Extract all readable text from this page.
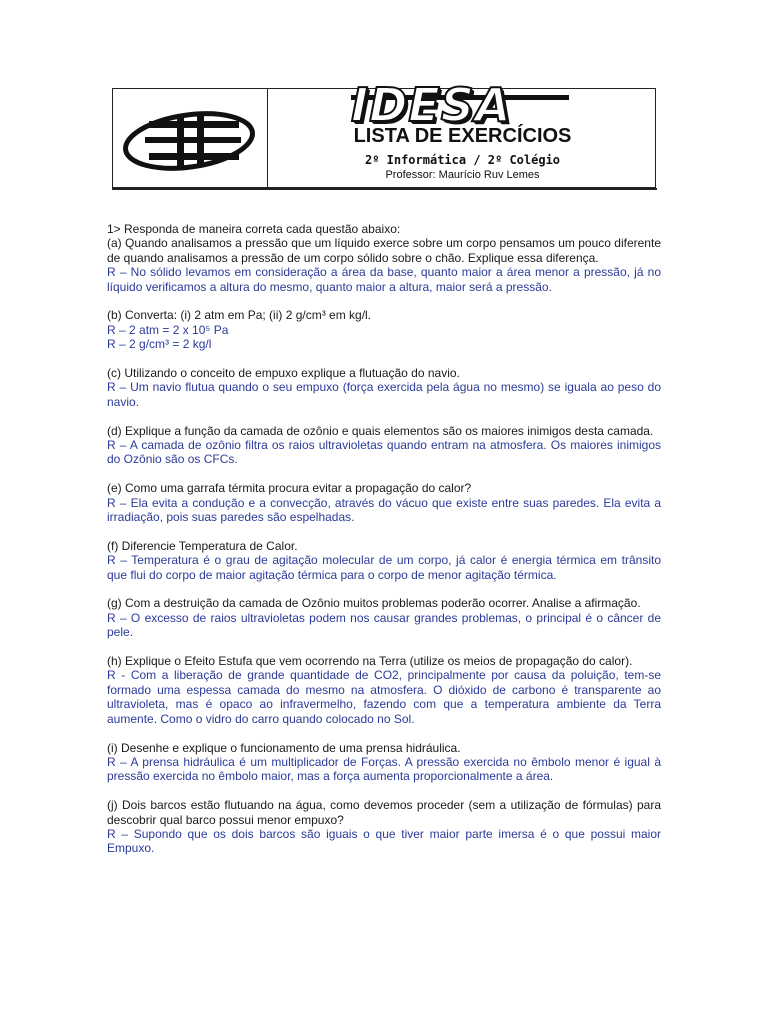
IDESA
LISTA DE EXERCÍCIOS
2º Informática / 2º Colégio
Professor: Maurício Ruv Lemes

1> Responda de maneira correta cada questão abaixo:

(a) Quando analisamos a pressão que um líquido exerce sobre um corpo pensamos um pouco diferente de quando analisamos a pressão de um corpo sólido sobre o chão. Explique essa diferença.

R – No sólido levamos em consideração a área da base, quanto maior a área menor a pressão, já no líquido verificamos a altura do mesmo, quanto maior a altura, maior será a pressão.

(b) Converta: (i) 2 atm em Pa; (ii) 2 g/cm³ em kg/l.

R – 2 atm = 2 x 10⁵ Pa

R – 2 g/cm³ = 2 kg/l

(c) Utilizando o conceito de empuxo explique a flutuação do navio.

R – Um navio flutua quando o seu empuxo (força exercida pela água no mesmo) se iguala ao peso do navio.

(d) Explique a função da camada de ozônio e quais elementos são os maiores inimigos desta camada.

R – A camada de ozônio filtra os raios ultravioletas quando entram na atmosfera. Os maiores inimigos do Ozônio são os CFCs.

(e) Como uma garrafa térmita procura evitar a propagação do calor?

R – Ela evita a condução e a convecção, através do vácuo que existe entre suas paredes. Ela evita a irradiação, pois suas paredes são espelhadas.

(f) Diferencie Temperatura de Calor.

R – Temperatura é o grau de agitação molecular de um corpo, já calor é energia térmica em trânsito que flui do corpo de maior agitação térmica para o corpo de menor agitação térmica.

(g) Com a destruição da camada de Ozônio muitos problemas poderão ocorrer. Analise a afirmação.

R – O excesso de raios ultravioletas podem nos causar grandes problemas, o principal é o câncer de pele.

(h) Explique o Efeito Estufa que vem ocorrendo na Terra (utilize os meios de propagação do calor).

R - Com a liberação de grande quantidade de CO2, principalmente por causa da poluição, tem-se formado uma espessa camada do mesmo na atmosfera. O dióxido de carbono é transparente ao ultravioleta, mas é opaco ao infravermelho, fazendo com que a temperatura ambiente da Terra aumente. Como o vidro do carro quando colocado no Sol.

(i) Desenhe e explique o funcionamento de uma prensa hidráulica.

R – A prensa hidráulica é um multiplicador de Forças. A pressão exercida no êmbolo menor é igual à pressão exercida no êmbolo maior, mas a força aumenta proporcionalmente a área.

(j) Dois barcos estão flutuando na água, como devemos proceder (sem a utilização de fórmulas) para descobrir qual barco possui menor empuxo?

R – Supondo que os dois barcos são iguais o que tiver maior parte imersa é o que possui maior Empuxo.
